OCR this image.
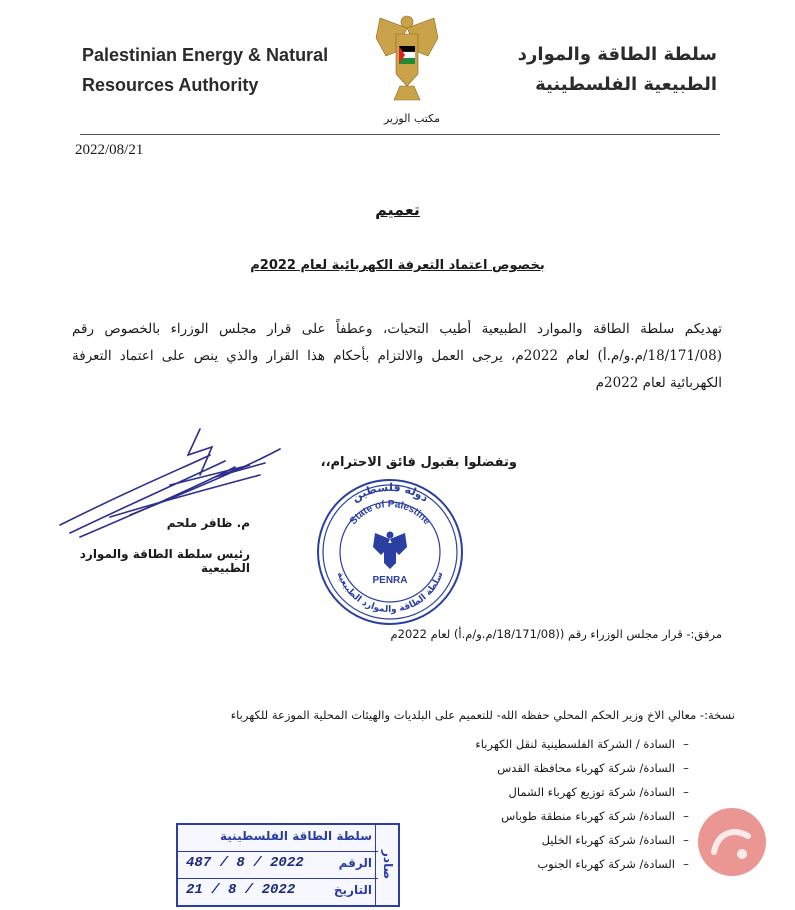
Palestinian Energy & Natural
Resources Authority
سلطة الطاقة والموارد
الطبيعية الفلسطينية
مكتب الوزير
2022/08/21
تعميم
بخصوص اعتماد التعرفة الكهربائية لعام 2022م
تهديكم سلطة الطاقة والموارد الطبيعية أطيب التحيات، وعطفاً على قرار مجلس الوزراء بالخصوص رقم (18/171/08/م.و/م.أ) لعام 2022م، يرجى العمل والالتزام بأحكام هذا القرار والذي ينص على اعتماد التعرفة الكهربائية لعام 2022م
وتفضلوا بقبول فائق الاحترام،،
م. ظافر ملحم
رئيس سلطة الطاقة والموارد الطبيعية
دولة فلسطين
State of Palestine
PENRA
سلطة الطاقة والموارد الطبيعية
مرفق:- قرار مجلس الوزراء رقم ((18/171/08/م.و/م.أ) لعام 2022م
نسخة:- معالي الاخ وزير الحكم المحلي حفظه الله- للتعميم على البلديات والهيئات المحلية الموزعة للكهرباء
–السادة / الشركة الفلسطينية لنقل الكهرباء
–السادة/ شركة كهرباء محافظة القدس
–السادة/ شركة توزيع كهرباء الشمال
–السادة/ شركة كهرباء منطقة طوباس
–السادة/ شركة كهرباء الخليل
–السادة/ شركة كهرباء الجنوب
سلطة الطاقة الفلسطينية
الرقم
487 / 8 / 2022
التاريخ
21 / 8 / 2022
صادر
